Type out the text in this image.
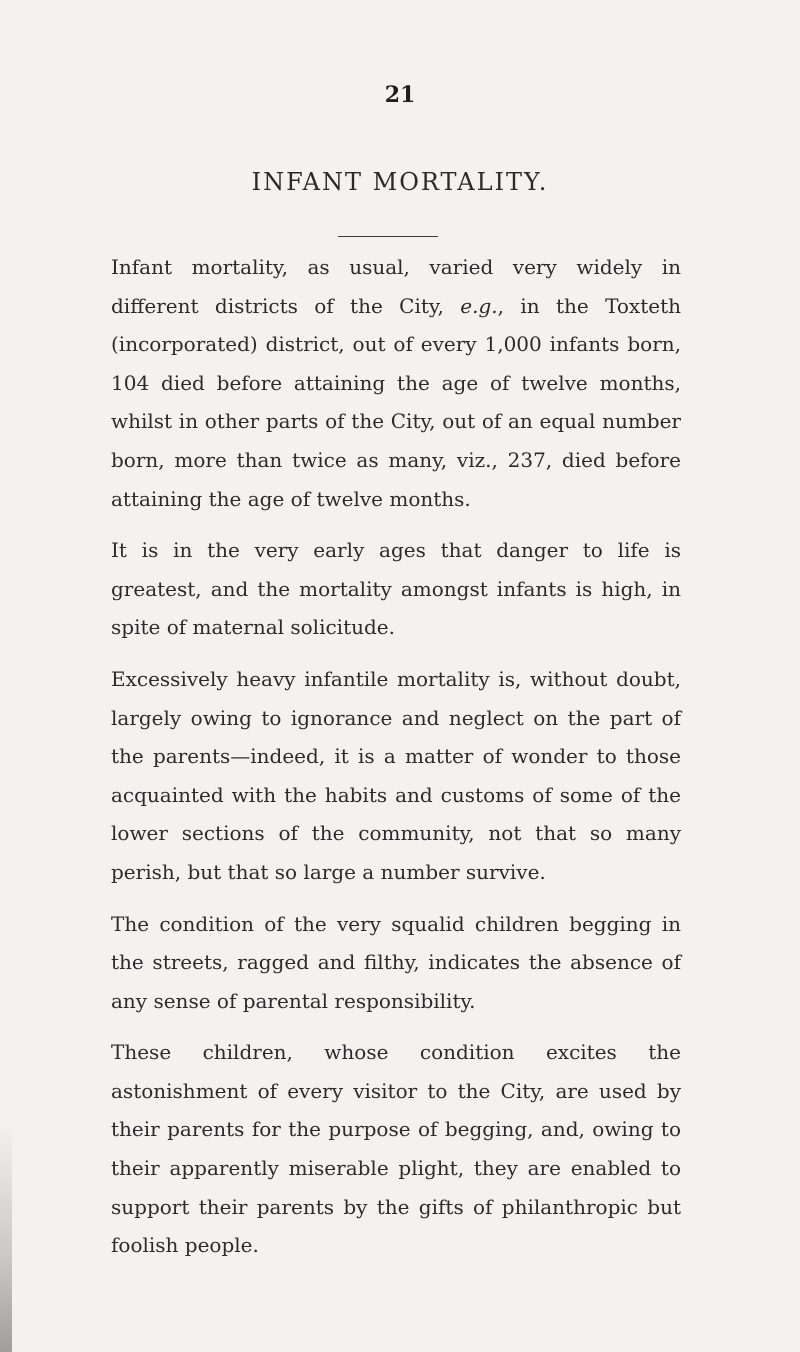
21
INFANT MORTALITY.

Infant mortality, as usual, varied very widely in different districts of the City, e.g., in the Toxteth (incorporated) district, out of every 1,000 infants born, 104 died before attaining the age of twelve months, whilst in other parts of the City, out of an equal number born, more than twice as many, viz., 237, died before attaining the age of twelve months.

It is in the very early ages that danger to life is greatest, and the mortality amongst infants is high, in spite of maternal solicitude.

Excessively heavy infantile mortality is, without doubt, largely owing to ignorance and neglect on the part of the parents—indeed, it is a matter of wonder to those acquainted with the habits and customs of some of the lower sections of the community, not that so many perish, but that so large a number survive.

The condition of the very squalid children begging in the streets, ragged and filthy, indicates the absence of any sense of parental responsibility.

These children, whose condition excites the astonishment of every visitor to the City, are used by their parents for the purpose of begging, and, owing to their apparently miserable plight, they are enabled to support their parents by the gifts of philanthropic but foolish people.
